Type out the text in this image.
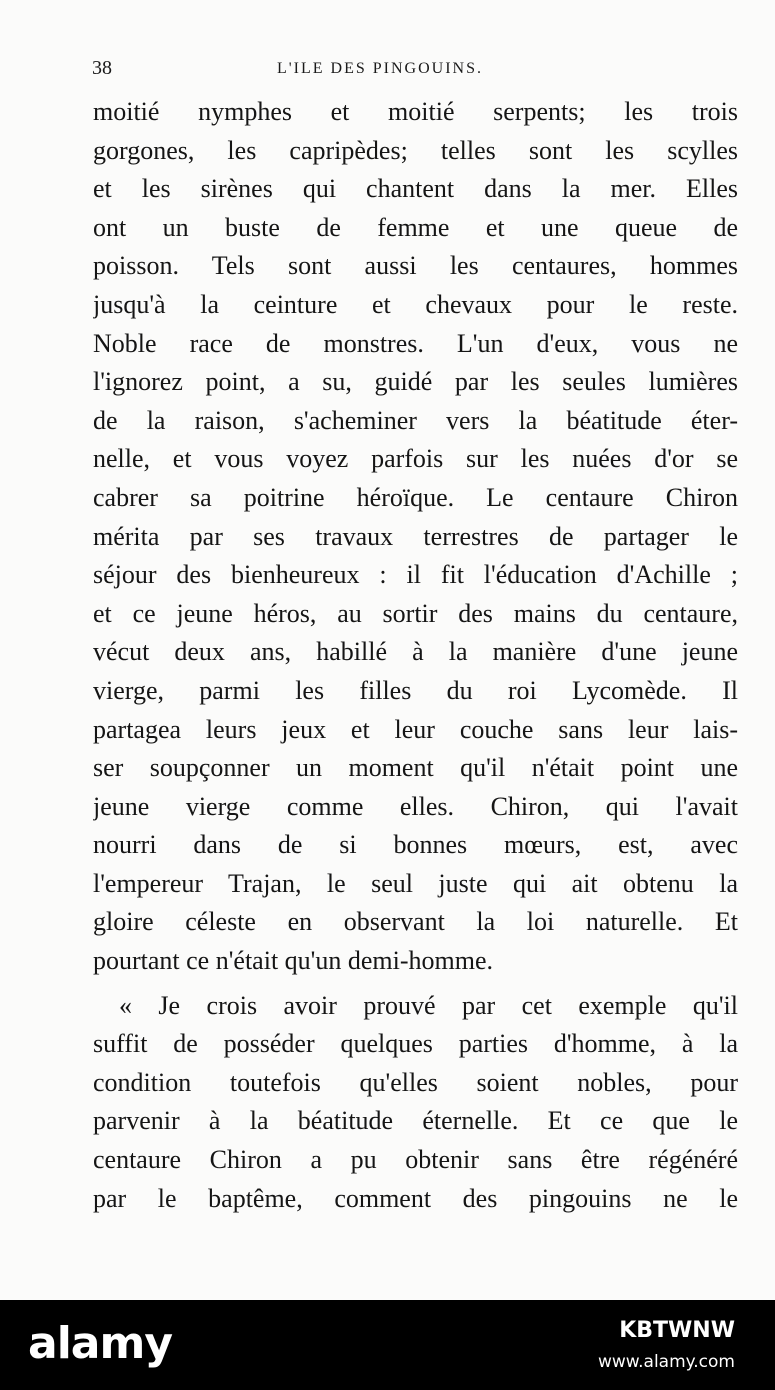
38	L'ILE DES PINGOUINS.
moitié nymphes et moitié serpents; les trois
gorgones, les capripèdes; telles sont les scylles
et les sirènes qui chantent dans la mer. Elles
ont un buste de femme et une queue de
poisson. Tels sont aussi les centaures, hommes
jusqu'à la ceinture et chevaux pour le reste.
Noble race de monstres. L'un d'eux, vous ne
l'ignorez point, a su, guidé par les seules lumières
de la raison, s'acheminer vers la béatitude éter-
nelle, et vous voyez parfois sur les nuées d'or se
cabrer sa poitrine héroïque. Le centaure Chiron
mérita par ses travaux terrestres de partager le
séjour des bienheureux : il fit l'éducation d'Achille ;
et ce jeune héros, au sortir des mains du centaure,
vécut deux ans, habillé à la manière d'une jeune
vierge, parmi les filles du roi Lycomède. Il
partagea leurs jeux et leur couche sans leur lais-
ser soupçonner un moment qu'il n'était point une
jeune vierge comme elles. Chiron, qui l'avait
nourri dans de si bonnes mœurs, est, avec
l'empereur Trajan, le seul juste qui ait obtenu la
gloire céleste en observant la loi naturelle. Et
pourtant ce n'était qu'un demi-homme.
« Je crois avoir prouvé par cet exemple qu'il
suffit de posséder quelques parties d'homme, à la
condition toutefois qu'elles soient nobles, pour
parvenir à la béatitude éternelle. Et ce que le
centaure Chiron a pu obtenir sans être régénéré
par le baptême, comment des pingouins ne le
alamy	KBTWNW
www.alamy.com
